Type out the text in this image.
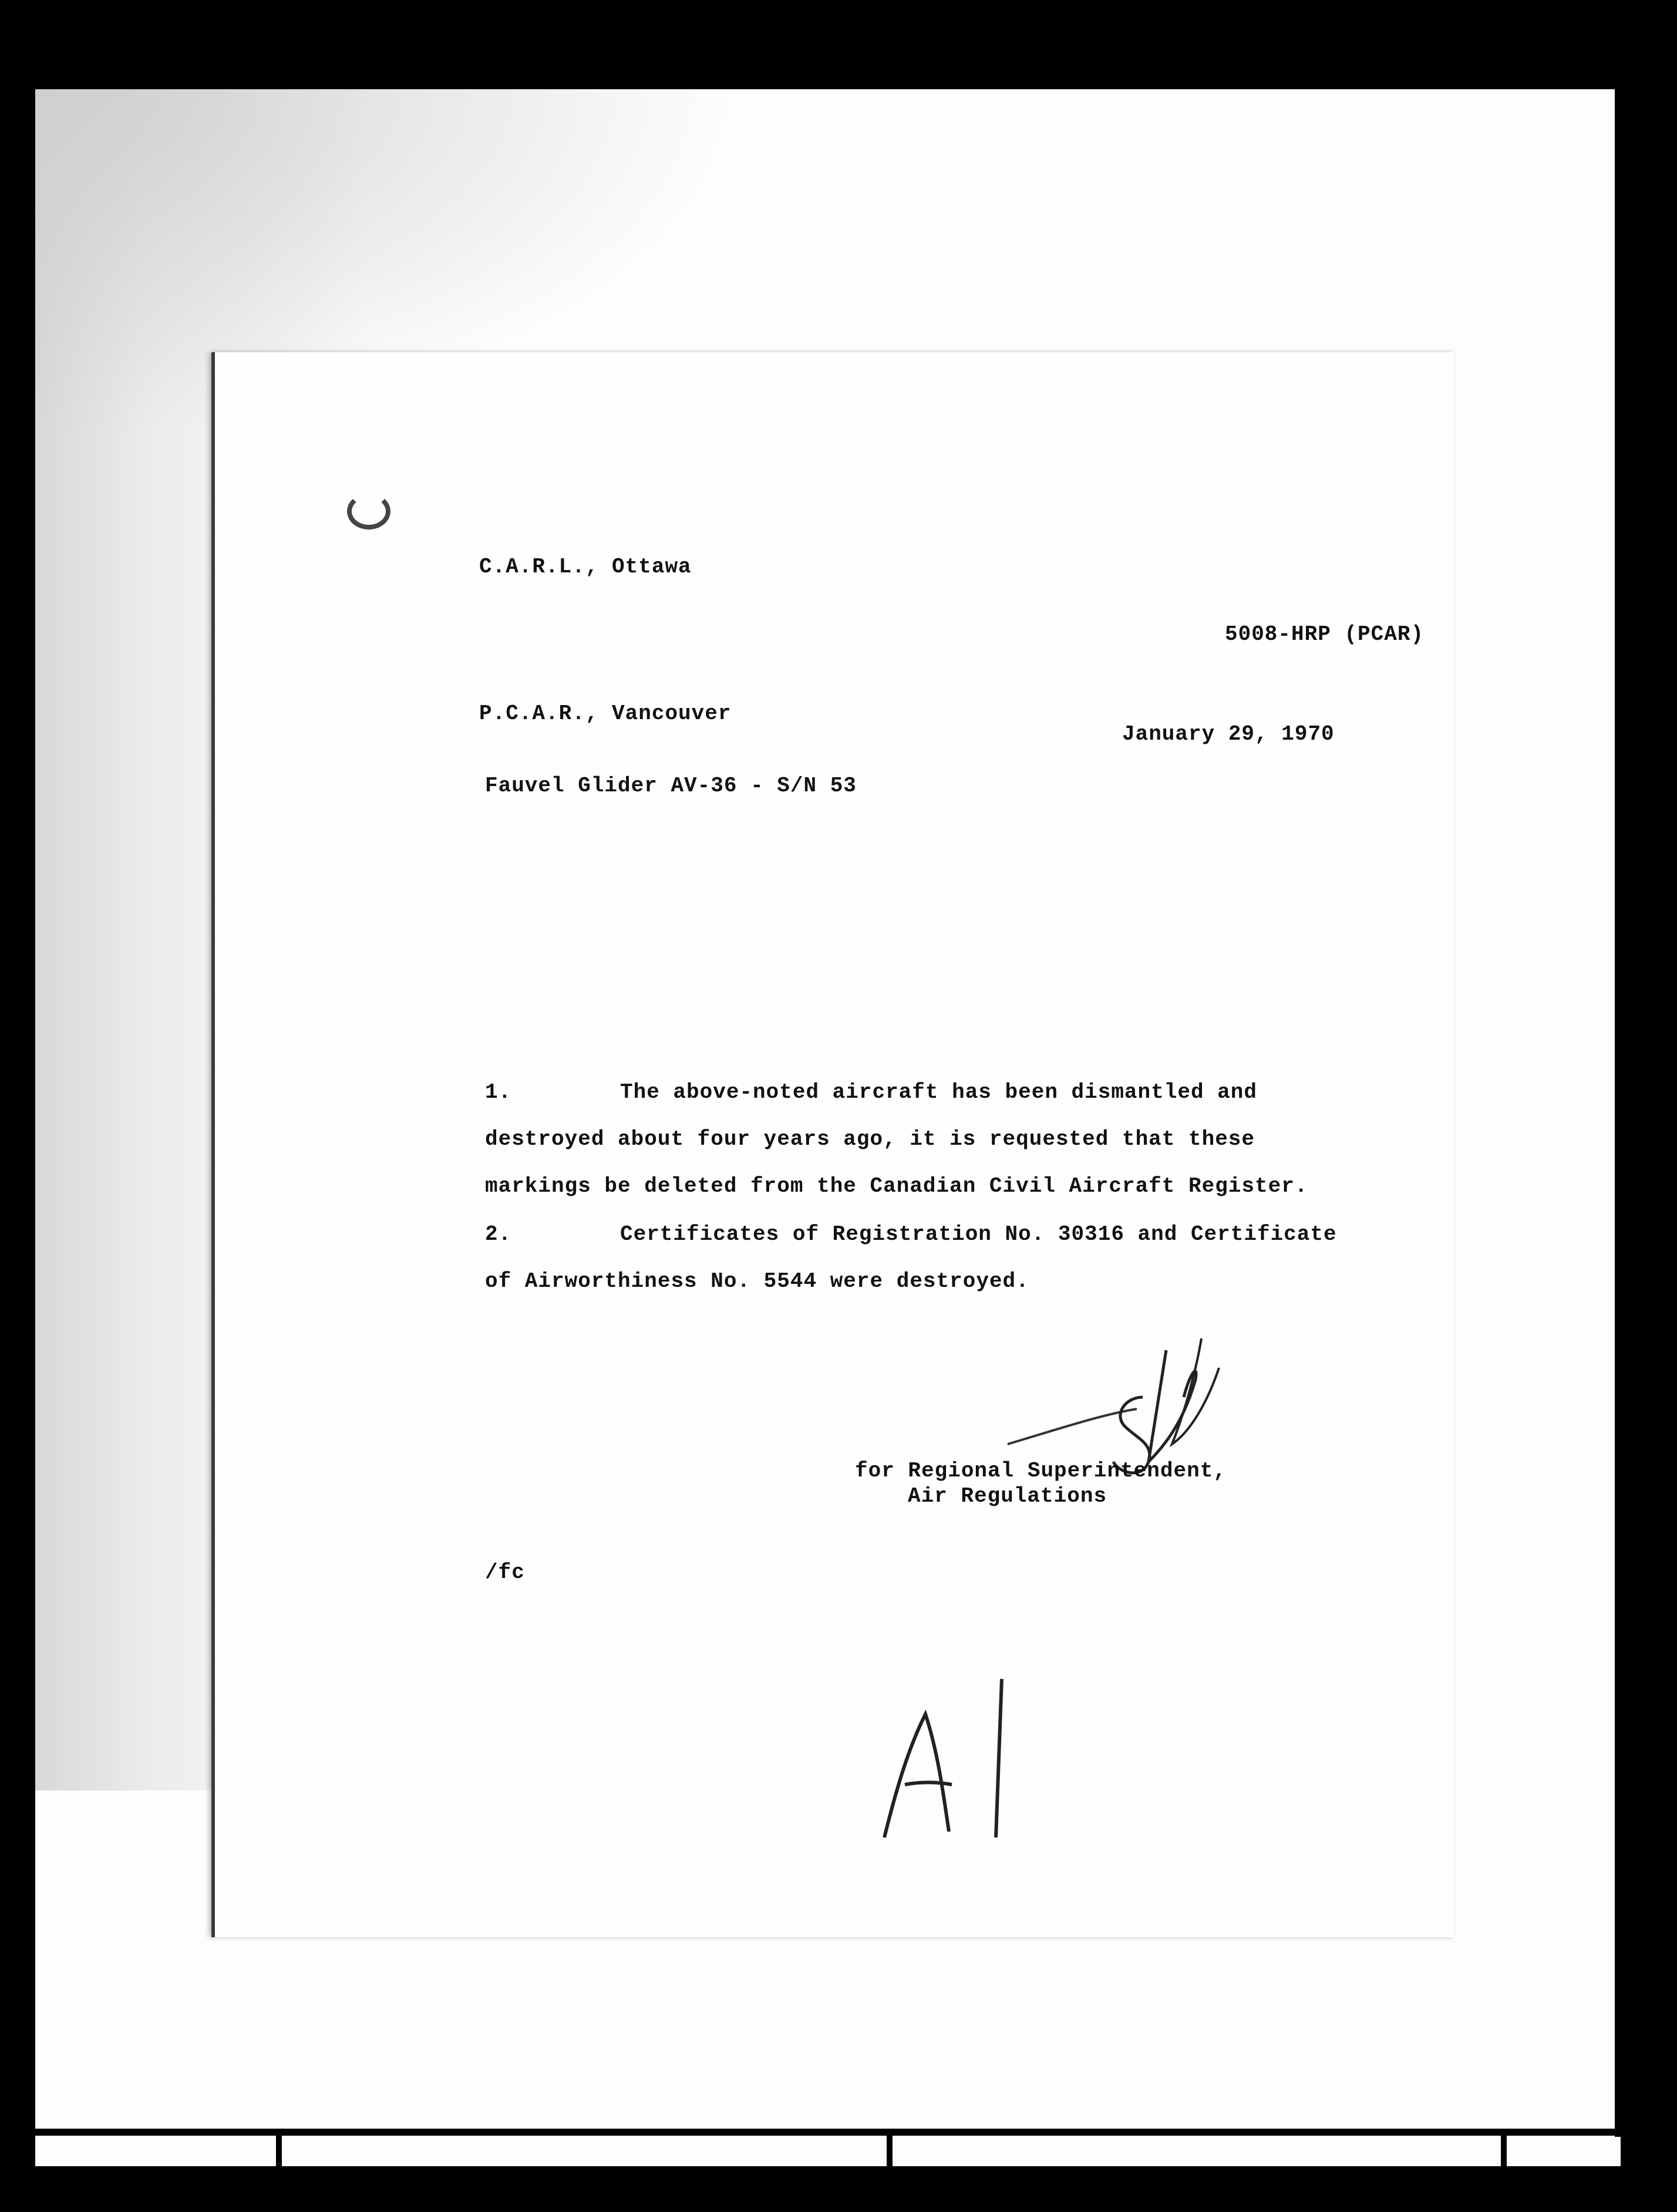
C.A.R.L., Ottawa
5008-HRP (PCAR)
P.C.A.R., Vancouver
January 29, 1970
Fauvel Glider AV-36 - S/N 53
1.	The above-noted aircraft has been dismantled and
destroyed about four years ago, it is requested that these
markings be deleted from the Canadian Civil Aircraft Register.
2.	Certificates of Registration No. 30316 and Certificate
of Airworthiness No. 5544 were destroyed.
for Regional Superintendent,
Air Regulations
/fc
